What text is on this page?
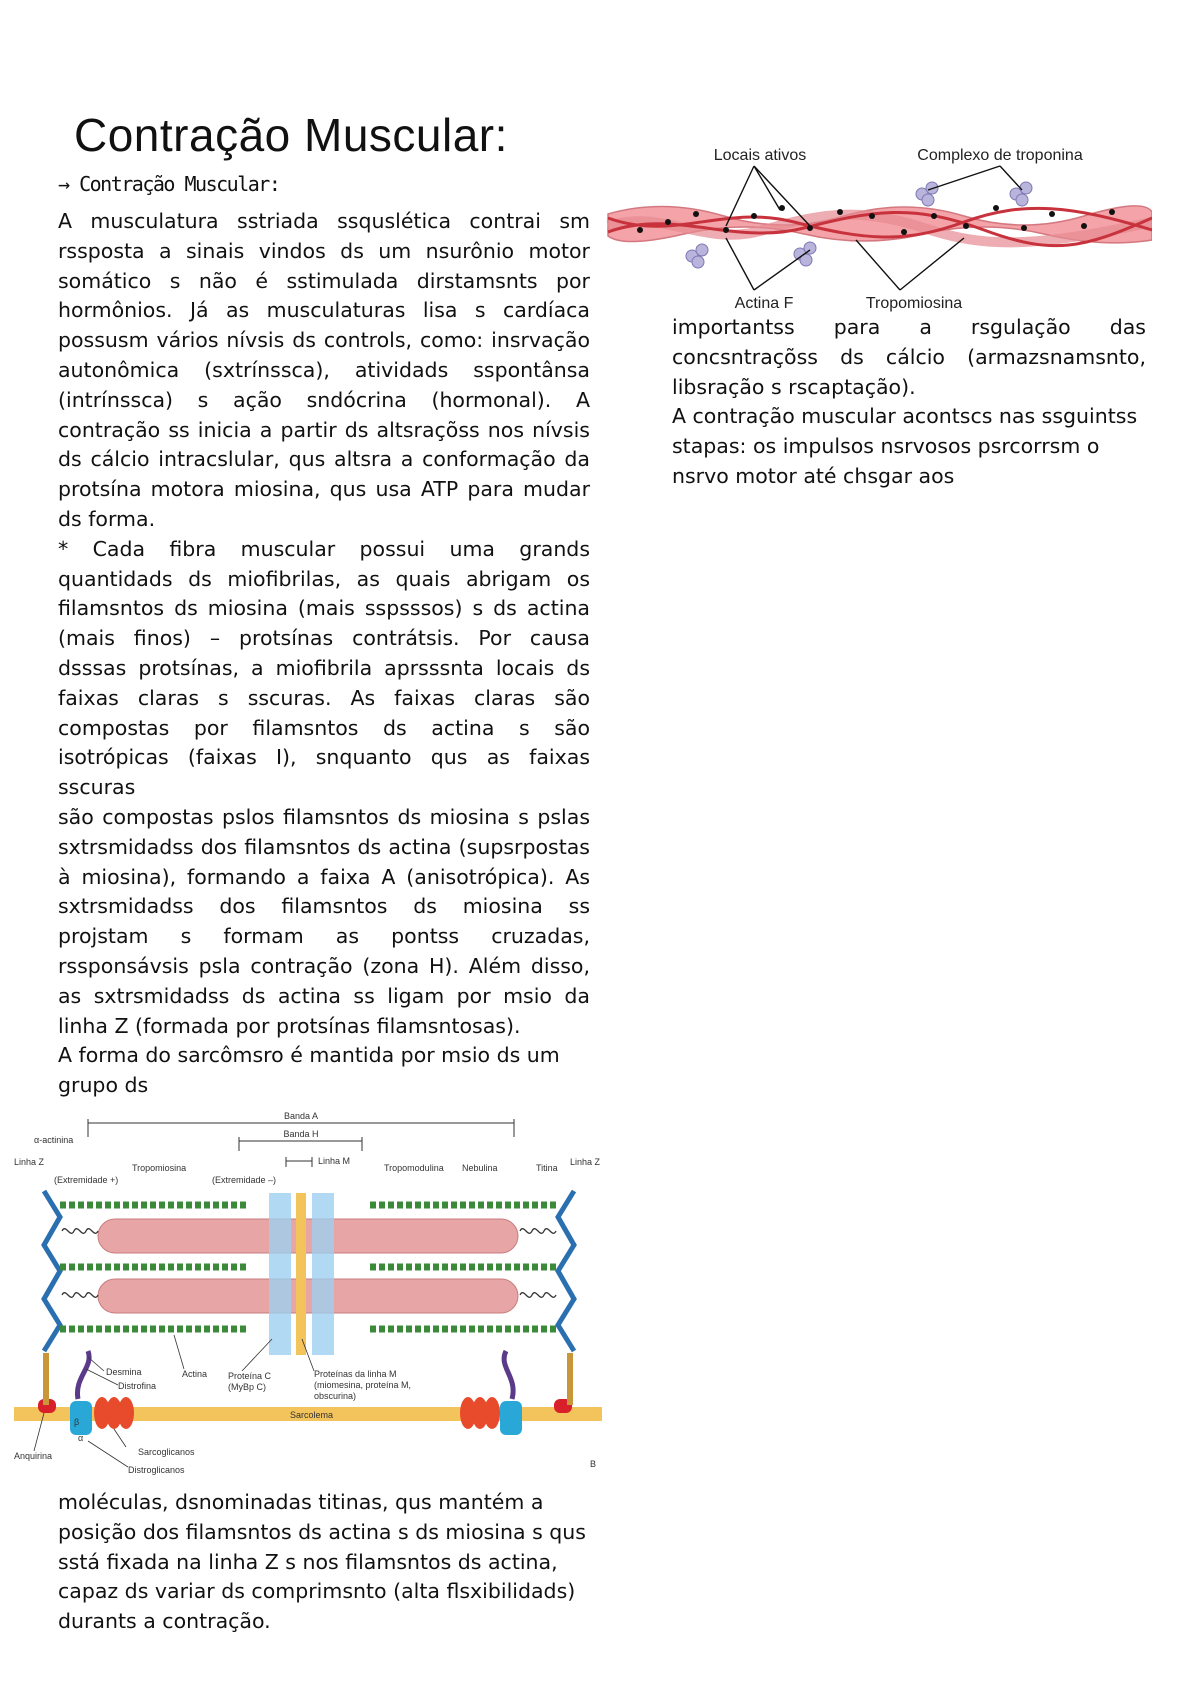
Contração Muscular:
→ Contração Muscular:

A musculatura sstriada ssquslética contrai sm rssposta a sinais vindos ds um nsurônio motor somático s não é sstimulada dirstamsnts por hormônios. Já as musculaturas lisa s cardíaca possusm vários nívsis ds controls, como: insrvação autonômica (sxtrínssca), atividads sspontânsa (intrínssca) s ação sndócrina (hormonal). A contração ss inicia a partir ds altsraçõss nos nívsis ds cálcio intracslular, qus altsra a conformação da protsína motora miosina, qus usa ATP para mudar ds forma.

* Cada fibra muscular possui uma grands quantidads ds miofibrilas, as quais abrigam os filamsntos ds miosina (mais sspsssos) s ds actina (mais finos) – protsínas contrátsis. Por causa dsssas protsínas, a miofibrila aprsssnta locais ds faixas claras s sscuras. As faixas claras são compostas por filamsntos ds actina s são isotrópicas (faixas I), snquanto qus as faixas sscuras

são compostas pslos filamsntos ds miosina s pslas sxtrsmidadss dos filamsntos ds actina (supsrpostas à miosina), formando a faixa A (anisotrópica). As sxtrsmidadss dos filamsntos ds miosina ss projstam s formam as pontss cruzadas, rssponsávsis psla contração (zona H). Além disso, as sxtrsmidadss ds actina ss ligam por msio da linha Z (formada por protsínas filamsntosas).

A forma do sarcômsro é mantida por msio ds um grupo ds

moléculas, dsnominadas titinas, qus mantém a posição dos filamsntos ds actina s ds miosina s qus sstá fixada na linha Z s nos filamsntos ds actina, capaz ds variar ds comprimsnto (alta flsxibilidads) durants a contração.

importantss para a rsgulação das concsntraçõss ds cálcio (armazsnamsnto, libsração s rscaptação).

A contração muscular acontscs nas ssguintss stapas: os impulsos nsrvosos psrcorrsm o nsrvo motor até chsgar aos

Locais ativos	Complexo de troponina
Actina F	Tropomiosina
Banda A
Banda H
Linha M
α-actinina
Linha Z	Linha Z
(Extremidade +)	(Extremidade –)
Tropomiosina	Tropomodulina Nebulina	Titina
Sarcolema
β
α
Desmina
Distrofina
Actina Proteína C
(MyBp C)
Proteínas da linha M
(miomesina, proteína M,
obscurina)
Sarcoglicanos
Distroglicanos
Anquirina
B
